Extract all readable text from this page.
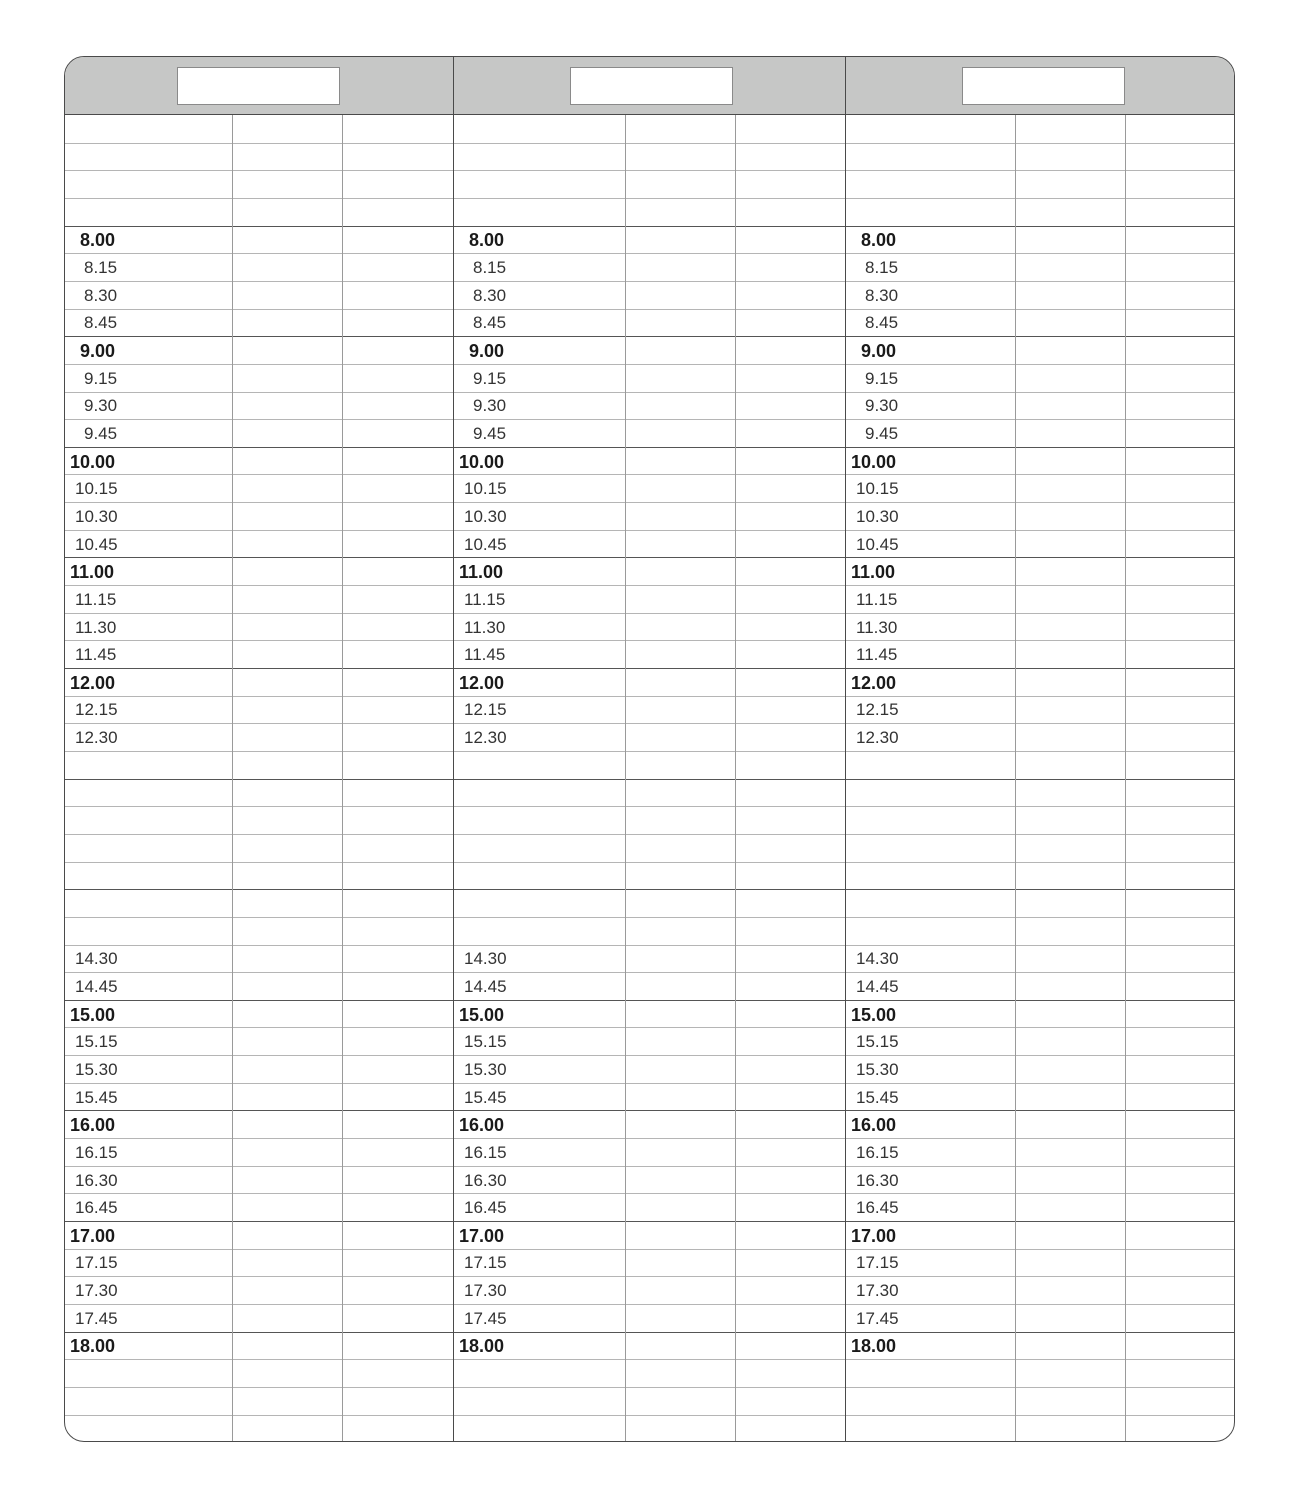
8.00
8.15
8.30
8.45
9.00
9.15
9.30
9.45
10.00
10.15
10.30
10.45
11.00
11.15
11.30
11.45
12.00
12.15
12.30
14.30
14.45
15.00
15.15
15.30
15.45
16.00
16.15
16.30
16.45
17.00
17.15
17.30
17.45
18.00
8.00
8.15
8.30
8.45
9.00
9.15
9.30
9.45
10.00
10.15
10.30
10.45
11.00
11.15
11.30
11.45
12.00
12.15
12.30
14.30
14.45
15.00
15.15
15.30
15.45
16.00
16.15
16.30
16.45
17.00
17.15
17.30
17.45
18.00
8.00
8.15
8.30
8.45
9.00
9.15
9.30
9.45
10.00
10.15
10.30
10.45
11.00
11.15
11.30
11.45
12.00
12.15
12.30
14.30
14.45
15.00
15.15
15.30
15.45
16.00
16.15
16.30
16.45
17.00
17.15
17.30
17.45
18.00
